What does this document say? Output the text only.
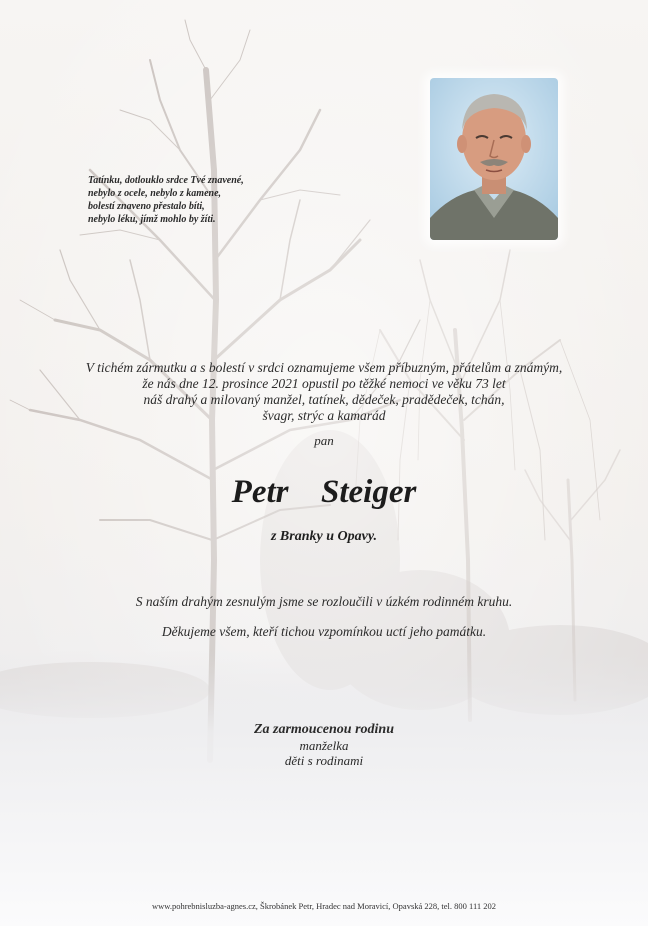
Tatínku, dotlouklo srdce Tvé znavené,
nebylo z ocele, nebylo z kamene,
bolestí znaveno přestalo bíti,
nebylo léku, jímž mohlo by žíti.
V tichém zármutku a s bolestí v srdci oznamujeme všem příbuzným, přátelům a známým,
že nás dne 12. prosince 2021 opustil po těžké nemoci ve věku 73 let
náš drahý a milovaný manžel, tatínek, dědeček, pradědeček, tchán,
švagr, strýc a kamarád
pan
Petr  Steiger
z Branky u Opavy.
S naším drahým zesnulým jsme se rozloučili v úzkém rodinném kruhu.
Děkujeme všem, kteří tichou vzpomínkou uctí jeho památku.
Za zarmoucenou rodinu
manželka
děti s rodinami
www.pohrebnisluzba-agnes.cz, Škrobánek Petr, Hradec nad Moravicí, Opavská 228, tel. 800 111 202
